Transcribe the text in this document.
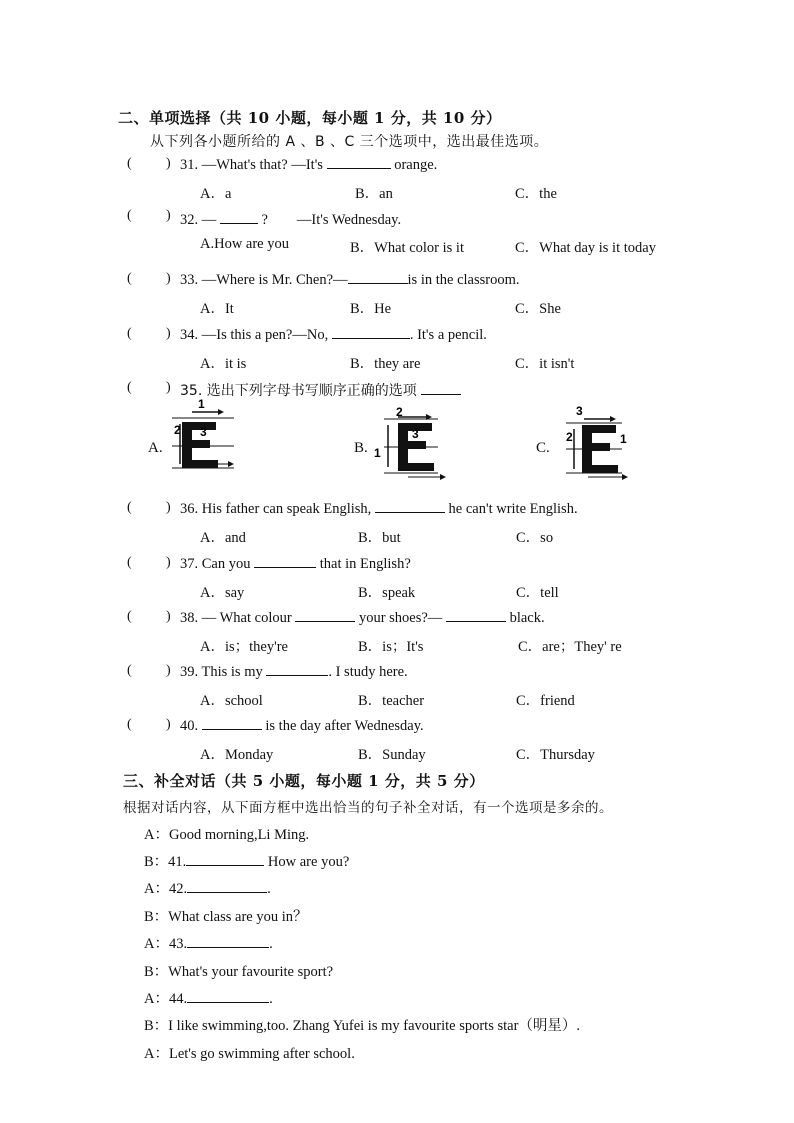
二、单项选择（共 10 小题，每小题 1 分，共 10 分）
从下列各小题所给的 A 、B 、C 三个选项中，选出最佳选项。
( ) 31. —What's that? —It's	orange.
A．a	B．an	C．the
( ) 32. —	?　　—It's Wednesday.
A.How are you	B．What color is it	C．What day is it today
( ) 33. —Where is Mr. Chen?—	is in the classroom.
A．It	B．He	C．She
( ) 34. —Is this a pen?—No,	. It's a pencil.
A．it is	B．they are	C．it isn't
( ) 35. 选出下列字母书写顺序正确的选项
A.
1
2 3
B.
2
3
1	C.
3
2	1
( ) 36. His father can speak English,	he can't write English.
A．and	B．but	C．so
( ) 37. Can you	that in English?
A．say	B．speak	C．tell
( ) 38. — What colour	your shoes?—	black.
A．is；they're	B．is；It's	C．are；They' re
( ) 39. This is my	. I study here.
A．school	B．teacher	C．friend
( ) 40.	is the day after Wednesday.
A．Monday	B．Sunday	C．Thursday
三、补全对话（共 5 小题，每小题 1 分，共 5 分）
根据对话内容，从下面方框中选出恰当的句子补全对话，有一个选项是多余的。
A：Good morning,Li Ming.
B：41.	How are you?
A：42.	.
B：What class are you in？
A：43.	.
B：What's your favourite sport?
A：44.	.
B：I like swimming,too. Zhang Yufei is my favourite sports star（明星）.
A：Let's go swimming after school.
